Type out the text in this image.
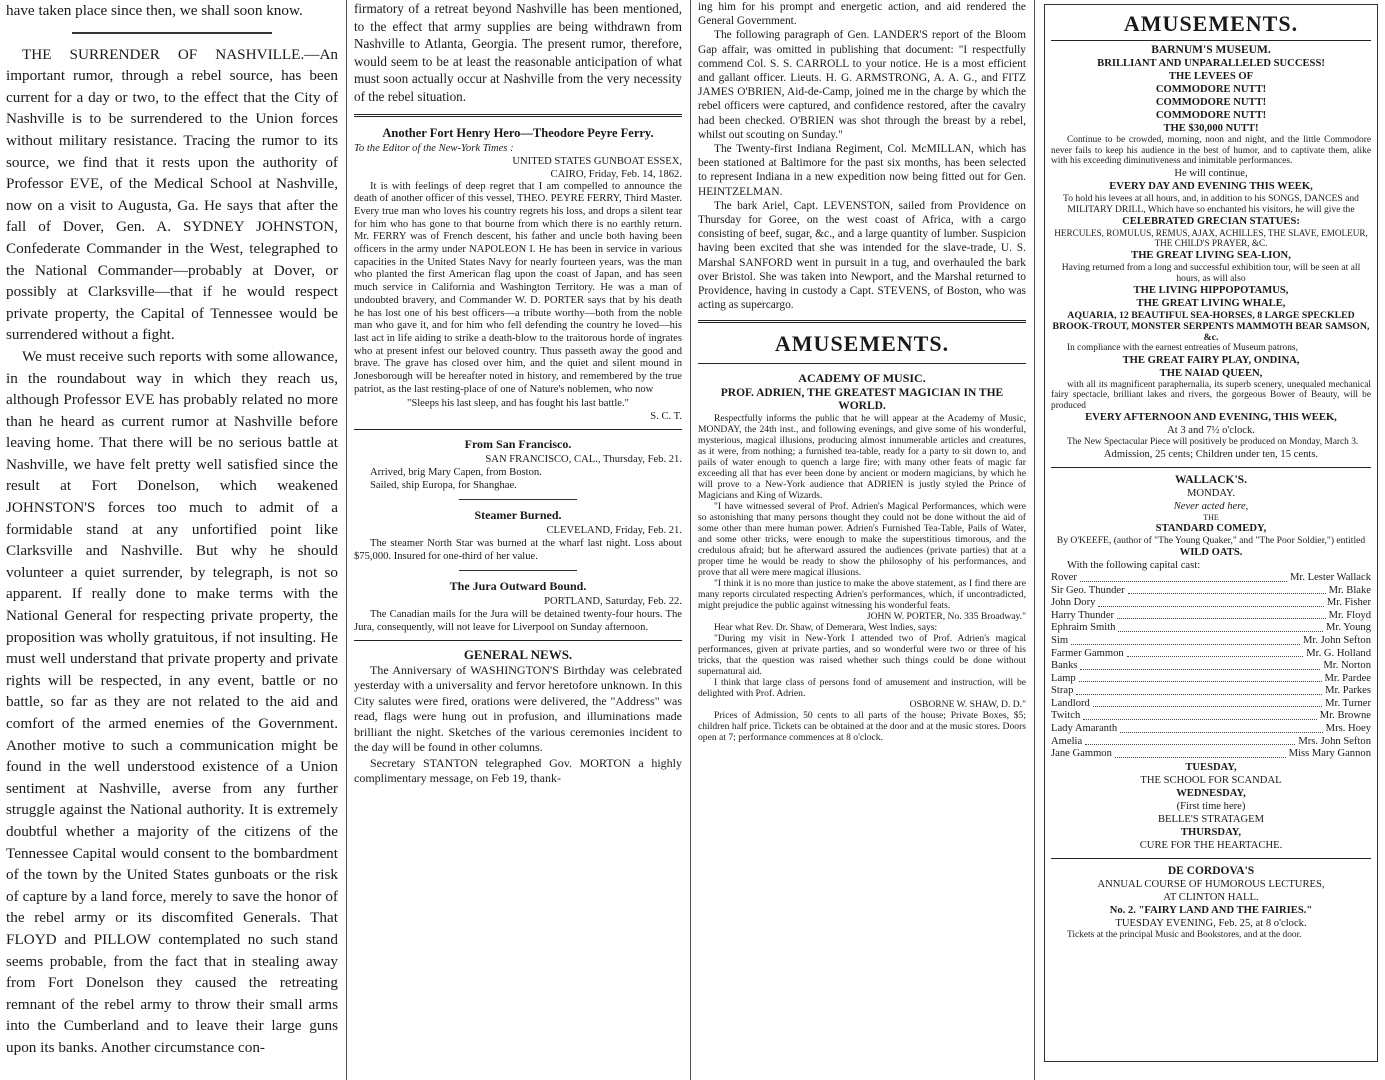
have taken place since then, we shall soon know.

THE SURRENDER OF NASHVILLE.—An important rumor, through a rebel source, has been current for a day or two, to the effect that the City of Nashville is to be surrendered to the Union forces without military resistance. Tracing the rumor to its source, we find that it rests upon the authority of Professor EVE, of the Medical School at Nashville, now on a visit to Augusta, Ga. He says that after the fall of Dover, Gen. A. SYDNEY JOHNSTON, Confederate Commander in the West, telegraphed to the National Commander—probably at Dover, or possibly at Clarksville—that if he would respect private property, the Capital of Tennessee would be surrendered without a fight.

We must receive such reports with some allowance, in the roundabout way in which they reach us, although Professor EVE has probably related no more than he heard as current rumor at Nashville before leaving home. That there will be no serious battle at Nashville, we have felt pretty well satisfied since the result at Fort Donelson, which weakened JOHNSTON'S forces too much to admit of a formidable stand at any unfortified point like Clarksville and Nashville. But why he should volunteer a quiet surrender, by telegraph, is not so apparent. If really done to make terms with the National General for respecting private property, the proposition was wholly gratuitous, if not insulting. He must well understand that private property and private rights will be respected, in any event, battle or no battle, so far as they are not related to the aid and comfort of the armed enemies of the Government. Another motive to such a communication might be found in the well understood existence of a Union sentiment at Nashville, averse from any further struggle against the National authority. It is extremely doubtful whether a majority of the citizens of the Tennessee Capital would consent to the bombardment of the town by the United States gunboats or the risk of capture by a land force, merely to save the honor of the rebel army or its discomfited Generals. That FLOYD and PILLOW contemplated no such stand seems probable, from the fact that in stealing away from Fort Donelson they caused the retreating remnant of the rebel army to throw their small arms into the Cumberland and to leave their large guns upon its banks. Another circumstance con-

firmatory of a retreat beyond Nashville has been mentioned, to the effect that army supplies are being withdrawn from Nashville to Atlanta, Georgia. The present rumor, therefore, would seem to be at least the reasonable anticipation of what must soon actually occur at Nashville from the very necessity of the rebel situation.

Another Fort Henry Hero—Theodore Peyre Ferry.

To the Editor of the New-York Times :

UNITED STATES GUNBOAT ESSEX,

CAIRO, Friday, Feb. 14, 1862.

It is with feelings of deep regret that I am compelled to announce the death of another officer of this vessel, THEO. PEYRE FERRY, Third Master. Every true man who loves his country regrets his loss, and drops a silent tear for him who has gone to that bourne from which there is no earthly return. Mr. FERRY was of French descent, his father and uncle both having been officers in the army under NAPOLEON I. He has been in service in various capacities in the United States Navy for nearly fourteen years, was the man who planted the first American flag upon the coast of Japan, and has seen much service in California and Washington Territory. He was a man of undoubted bravery, and Commander W. D. PORTER says that by his death he has lost one of his best officers—a tribute worthy—both from the noble man who gave it, and for him who fell defending the country he loved—his last act in life aiding to strike a death-blow to the traitorous horde of ingrates who at present infest our beloved country. Thus passeth away the good and brave. The grave has closed over him, and the quiet and silent mound in Jonesborough will be hereafter noted in history, and remembered by the true patriot, as the last resting-place of one of Nature's noblemen, who now

"Sleeps his last sleep, and has fought his last battle."

S. C. T.

From San Francisco.

SAN FRANCISCO, CAL., Thursday, Feb. 21.

Arrived, brig Mary Capen, from Boston.

Sailed, ship Europa, for Shanghae.

Steamer Burned.

CLEVELAND, Friday, Feb. 21.

The steamer North Star was burned at the wharf last night. Loss about $75,000. Insured for one-third of her value.

The Jura Outward Bound.

PORTLAND, Saturday, Feb. 22.

The Canadian mails for the Jura will be detained twenty-four hours. The Jura, consequently, will not leave for Liverpool on Sunday afternoon.

GENERAL NEWS.

The Anniversary of WASHINGTON'S Birthday was celebrated yesterday with a universality and fervor heretofore unknown. In this City salutes were fired, orations were delivered, the "Address" was read, flags were hung out in profusion, and illuminations made brilliant the night. Sketches of the various ceremonies incident to the day will be found in other columns.

Secretary STANTON telegraphed Gov. MORTON a highly complimentary message, on Feb 19, thank-

ing him for his prompt and energetic action, and aid rendered the General Government.

The following paragraph of Gen. LANDER'S report of the Bloom Gap affair, was omitted in publishing that document: "I respectfully commend Col. S. S. CARROLL to your notice. He is a most efficient and gallant officer. Lieuts. H. G. ARMSTRONG, A. A. G., and FITZ JAMES O'BRIEN, Aid-de-Camp, joined me in the charge by which the rebel officers were captured, and confidence restored, after the cavalry had been checked. O'BRIEN was shot through the breast by a rebel, whilst out scouting on Sunday."

The Twenty-first Indiana Regiment, Col. McMILLAN, which has been stationed at Baltimore for the past six months, has been selected to represent Indiana in a new expedition now being fitted out for Gen. HEINTZELMAN.

The bark Ariel, Capt. LEVENSTON, sailed from Providence on Thursday for Goree, on the west coast of Africa, with a cargo consisting of beef, sugar, &c., and a large quantity of lumber. Suspicion having been excited that she was intended for the slave-trade, U. S. Marshal SANFORD went in pursuit in a tug, and overhauled the bark over Bristol. She was taken into Newport, and the Marshal returned to Providence, having in custody a Capt. STEVENS, of Boston, who was acting as supercargo.

AMUSEMENTS.

ACADEMY OF MUSIC.

PROF. ADRIEN, THE GREATEST MAGICIAN IN THE WORLD.

Respectfully informs the public that he will appear at the Academy of Music, MONDAY, the 24th inst., and following evenings, and give some of his wonderful, mysterious, magical illusions, producing almost innumerable articles and creatures, as it were, from nothing; a furnished tea-table, ready for a party to sit down to, and pails of water enough to quench a large fire; with many other feats of magic far exceeding all that has ever been done by ancient or modern magicians, by which he will prove to a New-York audience that ADRIEN is justly styled the Prince of Magicians and King of Wizards.

"I have witnessed several of Prof. Adrien's Magical Performances, which were so astonishing that many persons thought they could not be done without the aid of some other than mere human power. Adrien's Furnished Tea-Table, Pails of Water, and some other tricks, were enough to make the superstitious timorous, and the credulous afraid; but he afterward assured the audiences (private parties) that at a proper time he would be ready to show the philosophy of his performances, and prove that all were mere magical illusions.

"I think it is no more than justice to make the above statement, as I find there are many reports circulated respecting Adrien's performances, which, if uncontradicted, might prejudice the public against witnessing his wonderful feats.

JOHN W. PORTER, No. 335 Broadway."

Hear what Rev. Dr. Shaw, of Demerara, West Indies, says:

"During my visit in New-York I attended two of Prof. Adrien's magical performances, given at private parties, and so wonderful were two or three of his tricks, that the question was raised whether such things could be done without supernatural aid.

I think that large class of persons fond of amusement and instruction, will be delighted with Prof. Adrien.

OSBORNE W. SHAW, D. D."

Prices of Admission, 50 cents to all parts of the house; Private Boxes, $5; children half price. Tickets can be obtained at the door and at the music stores. Doors open at 7; performance commences at 8 o'clock.

AMUSEMENTS.

BARNUM'S MUSEUM.

BRILLIANT AND UNPARALLELED SUCCESS!

THE LEVEES OF

COMMODORE NUTT!

COMMODORE NUTT!

COMMODORE NUTT!

THE $30,000 NUTT!

Continue to be crowded, morning, noon and night, and the little Commodore never fails to keep his audience in the best of humor, and to captivate them, alike with his exceeding diminutiveness and inimitable performances.

He will continue,

EVERY DAY AND EVENING THIS WEEK,

To hold his levees at all hours, and, in addition to his SONGS, DANCES and MILITARY DRILL, Which have so enchanted his visitors, he will give the

CELEBRATED GRECIAN STATUES:

HERCULES, ROMULUS, REMUS, AJAX, ACHILLES, THE SLAVE, EMOLEUR, THE CHILD'S PRAYER, &C.

THE GREAT LIVING SEA-LION,

Having returned from a long and successful exhibition tour, will be seen at all hours, as will also

THE LIVING HIPPOPOTAMUS,

THE GREAT LIVING WHALE,

AQUARIA, 12 BEAUTIFUL SEA-HORSES, 8 LARGE SPECKLED BROOK-TROUT, MONSTER SERPENTS MAMMOTH BEAR SAMSON, &c.

In compliance with the earnest entreaties of Museum patrons,

THE GREAT FAIRY PLAY, ONDINA,

THE NAIAD QUEEN,

with all its magnificent paraphernalia, its superb scenery, unequaled mechanical fairy spectacle, brilliant lakes and rivers, the gorgeous Bower of Beauty, will be produced

EVERY AFTERNOON AND EVENING, THIS WEEK,

At 3 and 7½ o'clock.

The New Spectacular Piece will positively be produced on Monday, March 3.

Admission, 25 cents; Children under ten, 15 cents.

WALLACK'S.

MONDAY.

Never acted here,

THE

STANDARD COMEDY,

By O'KEEFE, (author of "The Young Quaker," and "The Poor Soldier,") entitled

WILD OATS.

With the following capital cast:

Rover	Mr. Lester Wallack
Sir Geo. Thunder	Mr. Blake
John Dory	Mr. Fisher
Harry Thunder	Mr. Floyd
Ephraim Smith	Mr. Young
Sim	Mr. John Sefton
Farmer Gammon	Mr. G. Holland
Banks	Mr. Norton
Lamp	Mr. Pardee
Strap	Mr. Parkes
Landlord	Mr. Turner
Twitch	Mr. Browne
Lady Amaranth	Mrs. Hoey
Amelia	Mrs. John Sefton
Jane Gammon	Miss Mary Gannon

TUESDAY,

THE SCHOOL FOR SCANDAL

WEDNESDAY,

(First time here)

BELLE'S STRATAGEM

THURSDAY,

CURE FOR THE HEARTACHE.

DE CORDOVA'S

ANNUAL COURSE OF HUMOROUS LECTURES,

AT CLINTON HALL.

No. 2. "FAIRY LAND AND THE FAIRIES."

TUESDAY EVENING, Feb. 25, at 8 o'clock.

Tickets at the principal Music and Bookstores, and at the door.
